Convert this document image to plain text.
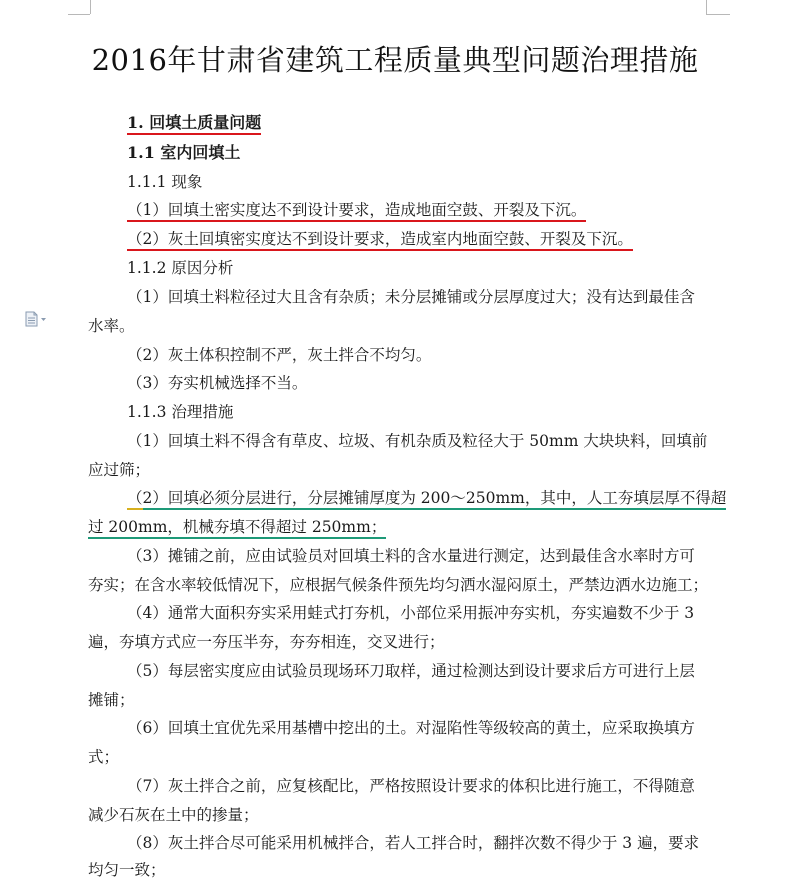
2016年甘肃省建筑工程质量典型问题治理措施
1. 回填土质量问题
1.1 室内回填土
1.1.1 现象
（1）回填土密实度达不到设计要求，造成地面空鼓、开裂及下沉。
（2）灰土回填密实度达不到设计要求，造成室内地面空鼓、开裂及下沉。
1.1.2 原因分析
（1）回填土料粒径过大且含有杂质；未分层摊铺或分层厚度过大；没有达到最佳含
水率。
（2）灰土体积控制不严，灰土拌合不均匀。
（3）夯实机械选择不当。
1.1.3 治理措施
（1）回填土料不得含有草皮、垃圾、有机杂质及粒径大于 50mm 大块块料，回填前
应过筛；
（2）回填必须分层进行，分层摊铺厚度为 200～250mm，其中，人工夯填层厚不得超
过 200mm，机械夯填不得超过 250mm；
（3）摊铺之前，应由试验员对回填土料的含水量进行测定，达到最佳含水率时方可
夯实；在含水率较低情况下，应根据气候条件预先均匀洒水湿闷原土，严禁边洒水边施工；
（4）通常大面积夯实采用蛙式打夯机，小部位采用振冲夯实机，夯实遍数不少于 3
遍，夯填方式应一夯压半夯，夯夯相连，交叉进行；
（5）每层密实度应由试验员现场环刀取样，通过检测达到设计要求后方可进行上层
摊铺；
（6）回填土宜优先采用基槽中挖出的土。对湿陷性等级较高的黄土，应采取换填方
式；
（7）灰土拌合之前，应复核配比，严格按照设计要求的体积比进行施工，不得随意
减少石灰在土中的掺量；
（8）灰土拌合尽可能采用机械拌合，若人工拌合时，翻拌次数不得少于 3 遍，要求
均匀一致；
